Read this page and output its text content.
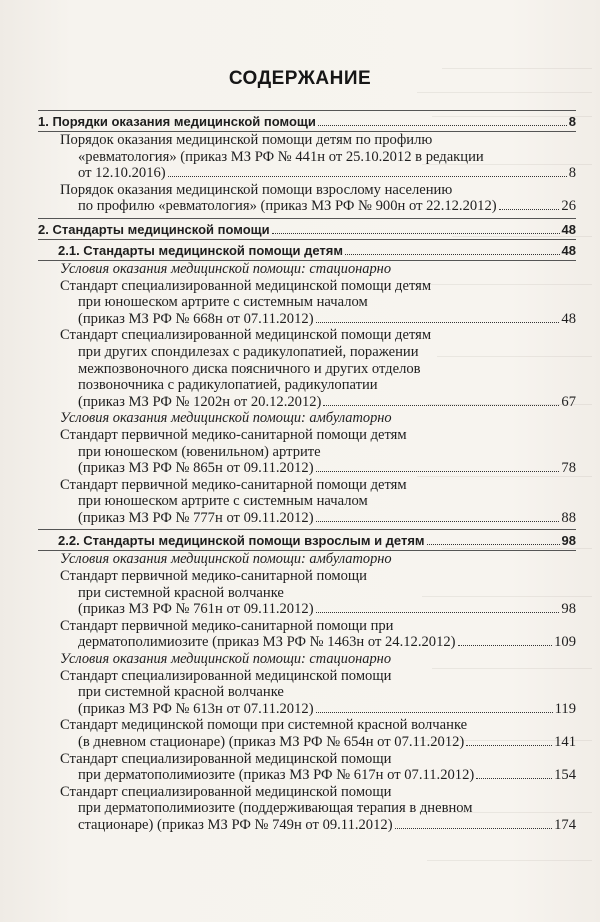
СОДЕРЖАНИЕ
1. Порядки оказания медицинской помощи	8
Порядок оказания медицинской помощи детям по профилю
«ревматология» (приказ МЗ РФ № 441н от 25.10.2012 в редакции
от 12.10.2016)	8
Порядок оказания медицинской помощи взрослому населению
по профилю «ревматология» (приказ МЗ РФ № 900н от 22.12.2012)	26
2. Стандарты медицинской помощи	48
2.1. Стандарты медицинской помощи детям	48
Условия оказания медицинской помощи: стационарно
Стандарт специализированной медицинской помощи детям
при юношеском артрите с системным началом
(приказ МЗ РФ № 668н от 07.11.2012)	48
Стандарт специализированной медицинской помощи детям
при других спондилезах с радикулопатией, поражении
межпозвоночного диска поясничного и других отделов
позвоночника с радикулопатией, радикулопатии
(приказ МЗ РФ № 1202н от 20.12.2012)	67
Условия оказания медицинской помощи: амбулаторно
Стандарт первичной медико-санитарной помощи детям
при юношеском (ювенильном) артрите
(приказ МЗ РФ № 865н от 09.11.2012)	78
Стандарт первичной медико-санитарной помощи детям
при юношеском артрите с системным началом
(приказ МЗ РФ № 777н от 09.11.2012)	88
2.2. Стандарты медицинской помощи взрослым и детям	98
Условия оказания медицинской помощи: амбулаторно
Стандарт первичной медико-санитарной помощи
при системной красной волчанке
(приказ МЗ РФ № 761н от 09.11.2012)	98
Стандарт первичной медико-санитарной помощи при
дерматополимиозите (приказ МЗ РФ № 1463н от 24.12.2012)	109
Условия оказания медицинской помощи: стационарно
Стандарт специализированной медицинской помощи
при системной красной волчанке
(приказ МЗ РФ № 613н от 07.11.2012)	119
Стандарт медицинской помощи при системной красной волчанке
(в дневном стационаре) (приказ МЗ РФ № 654н от 07.11.2012)	141
Стандарт специализированной медицинской помощи
при дерматополимиозите (приказ МЗ РФ № 617н от 07.11.2012)	154
Стандарт специализированной медицинской помощи
при дерматополимиозите (поддерживающая терапия в дневном
стационаре) (приказ МЗ РФ № 749н от 09.11.2012)	174
